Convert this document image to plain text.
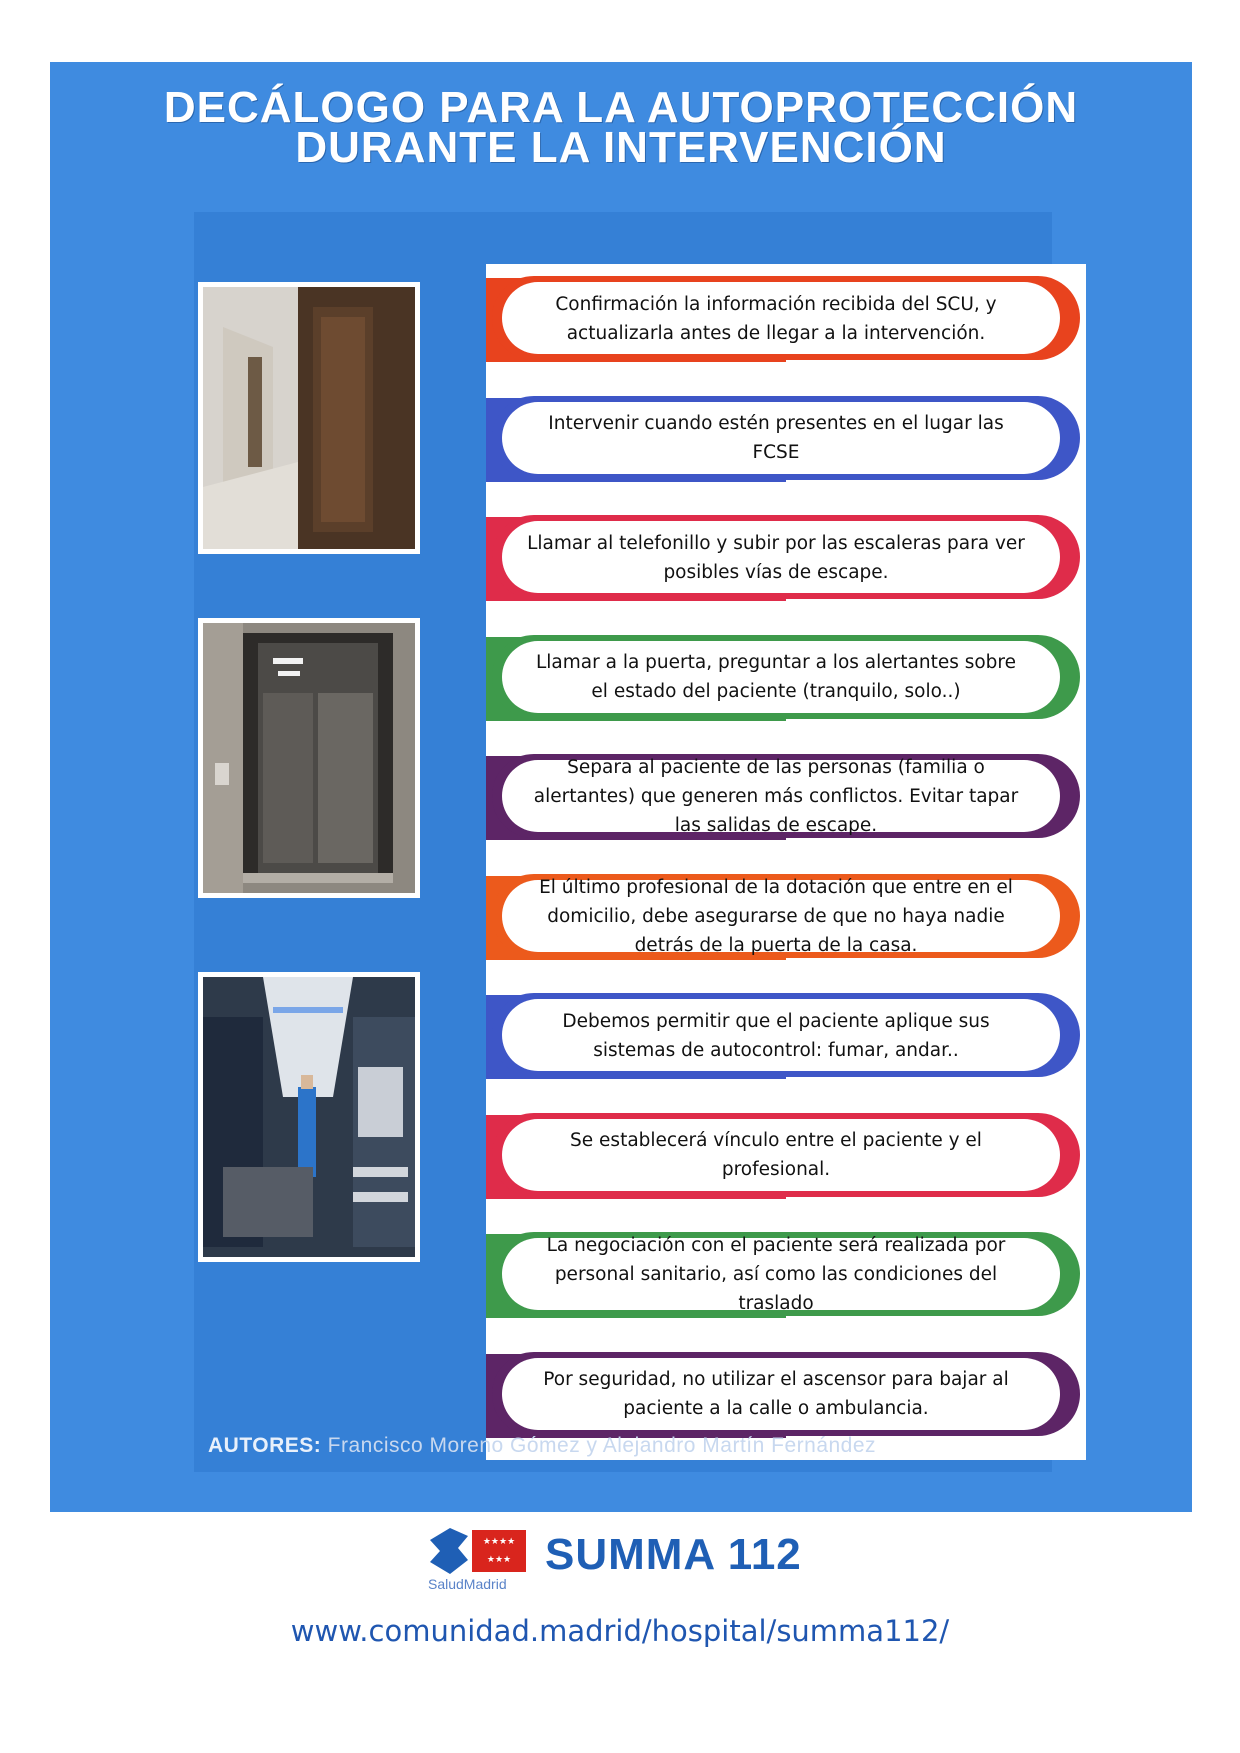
DECÁLOGO PARA LA AUTOPROTECCIÓN
DURANTE LA INTERVENCIÓN
Confirmación la información recibida del SCU, y actualizarla antes de llegar a la intervención.
Intervenir cuando estén presentes en el lugar las FCSE
Llamar al telefonillo y subir por las escaleras para ver posibles vías de escape.
Llamar a la puerta, preguntar a los alertantes sobre el estado del paciente (tranquilo, solo..)
Separa al paciente de las personas (familia o alertantes) que generen más conflictos. Evitar tapar las salidas de escape.
El último profesional de la dotación que entre en el domicilio, debe asegurarse de que no haya nadie detrás de la puerta de la casa.
Debemos permitir que el paciente aplique sus sistemas de autocontrol: fumar, andar..
Se establecerá vínculo entre el paciente y el profesional.
La negociación con el paciente será realizada por personal sanitario, así como las condiciones del traslado
Por seguridad, no utilizar el ascensor para bajar al paciente a la calle o ambulancia.
AUTORES: Francisco Moreno Gómez y Alejandro Martín Fernández
★★★★
★★★ SUMMA 112
SaludMadrid
www.comunidad.madrid/hospital/summa112/
